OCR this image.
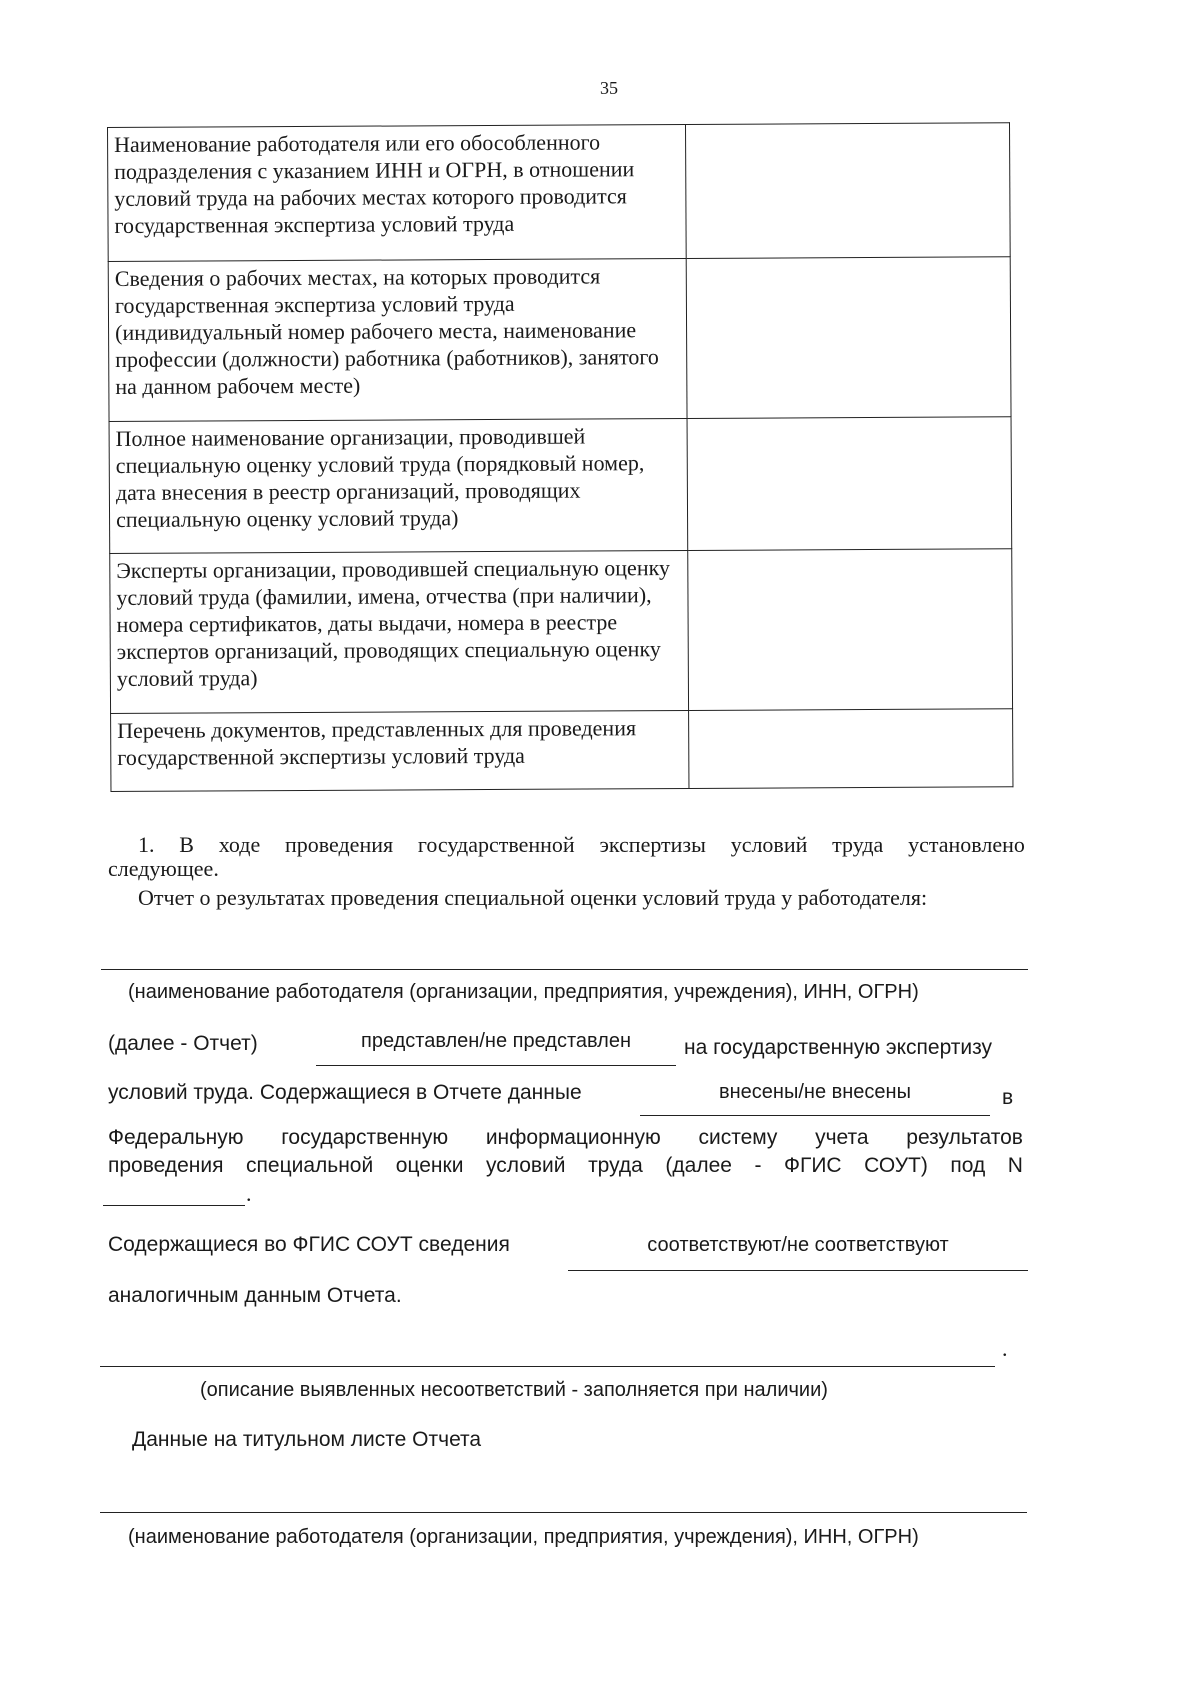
35
Наименование работодателя или его обособленного подразделения с указанием ИНН и ОГРН, в отношении условий труда на рабочих местах которого проводится государственная экспертиза условий труда	
Сведения о рабочих местах, на которых проводится государственная экспертиза условий труда (индивидуальный номер рабочего места, наименование профессии (должности) работника (работников), занятого на данном рабочем месте)	
Полное наименование организации, проводившей специальную оценку условий труда (порядковый номер, дата внесения в реестр организаций, проводящих специальную оценку условий труда)	
Эксперты организации, проводившей специальную оценку условий труда (фамилии, имена, отчества (при наличии), номера сертификатов, даты выдачи, номера в реестре экспертов организаций, проводящих специальную оценку условий труда)	
Перечень документов, представленных для проведения государственной экспертизы условий труда	
1. В ходе проведения государственной экспертизы условий труда установлено
следующее.
Отчет о результатах проведения специальной оценки условий труда у работодателя:
(наименование работодателя (организации, предприятия, учреждения), ИНН, ОГРН)
(далее - Отчет)	представлен/не представлен	на государственную экспертизу
условий труда. Содержащиеся в Отчете данные	внесены/не внесены	в
Федеральную государственную информационную систему учета результатов
проведения специальной оценки условий труда (далее - ФГИС СОУТ) под N
.
Содержащиеся во ФГИС СОУТ сведения	соответствуют/не соответствуют
аналогичным данным Отчета.
.
(описание выявленных несоответствий - заполняется при наличии)
Данные на титульном листе Отчета
(наименование работодателя (организации, предприятия, учреждения), ИНН, ОГРН)
